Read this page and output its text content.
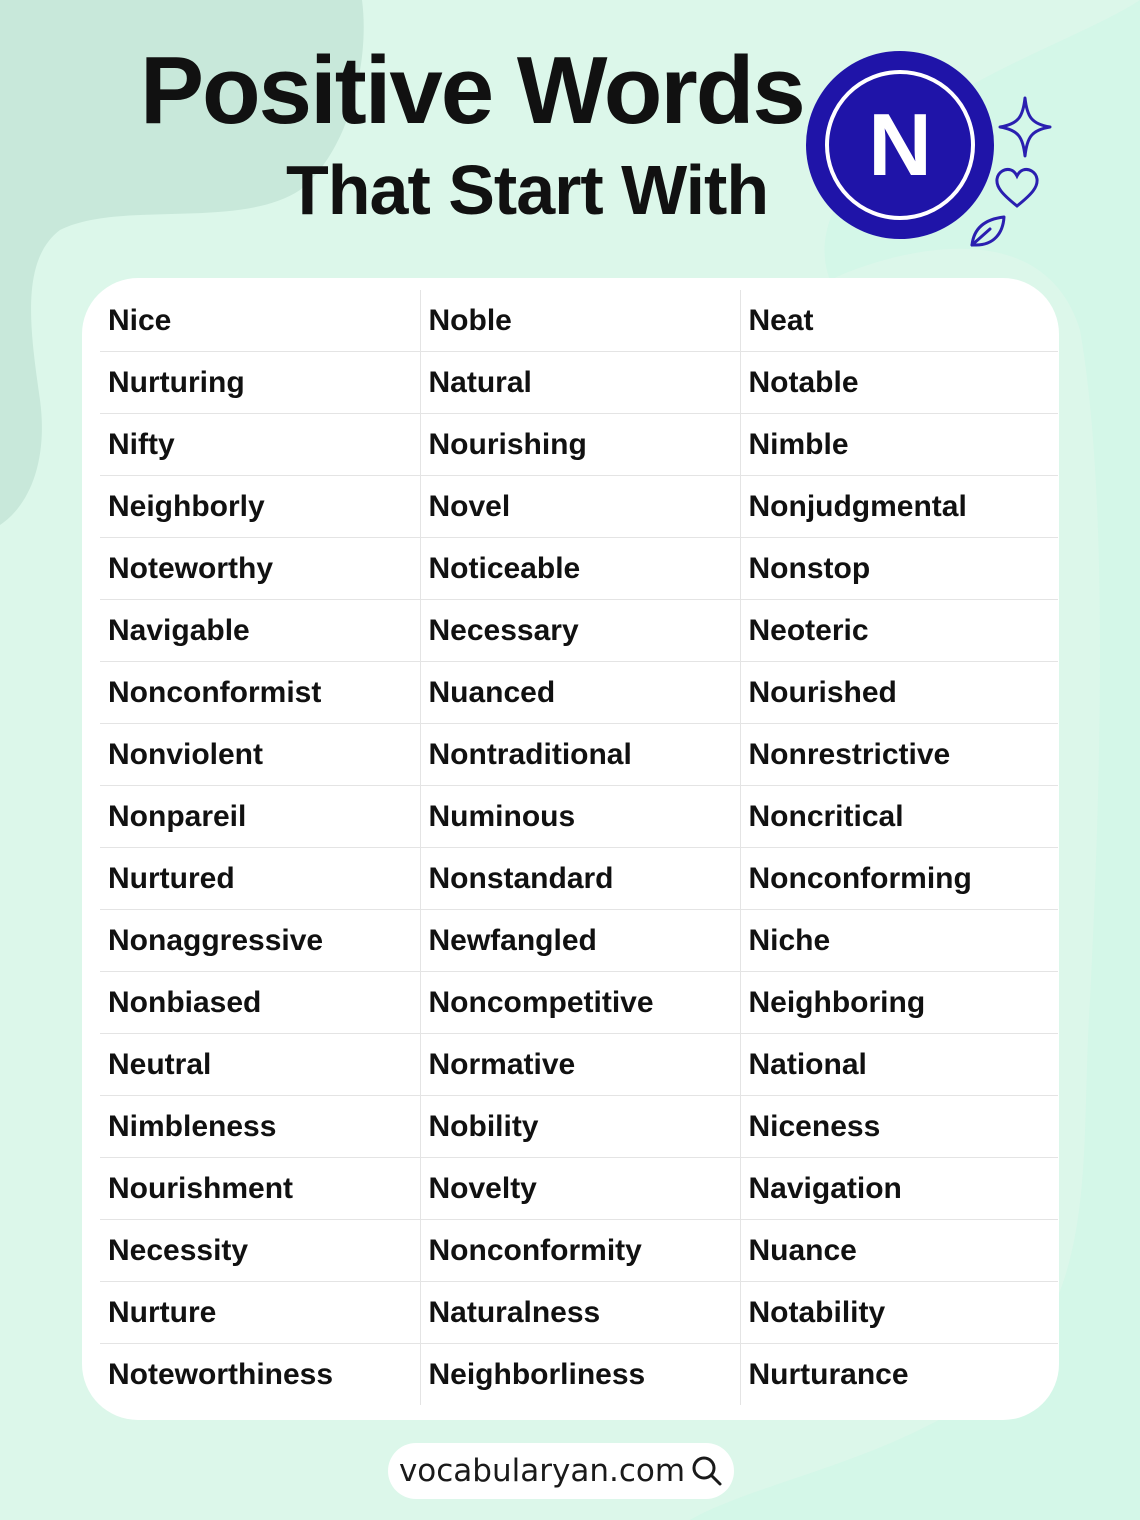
Positive Words
That Start With	N
Nice	Noble	Neat
Nurturing	Natural	Notable
Nifty	Nourishing	Nimble
Neighborly	Novel	Nonjudgmental
Noteworthy	Noticeable	Nonstop
Navigable	Necessary	Neoteric
Nonconformist	Nuanced	Nourished
Nonviolent	Nontraditional	Nonrestrictive
Nonpareil	Numinous	Noncritical
Nurtured	Nonstandard	Nonconforming
Nonaggressive	Newfangled	Niche
Nonbiased	Noncompetitive	Neighboring
Neutral	Normative	National
Nimbleness	Nobility	Niceness
Nourishment	Novelty	Navigation
Necessity	Nonconformity	Nuance
Nurture	Naturalness	Notability
Noteworthiness	Neighborliness	Nurturance
vocabularyan.com
